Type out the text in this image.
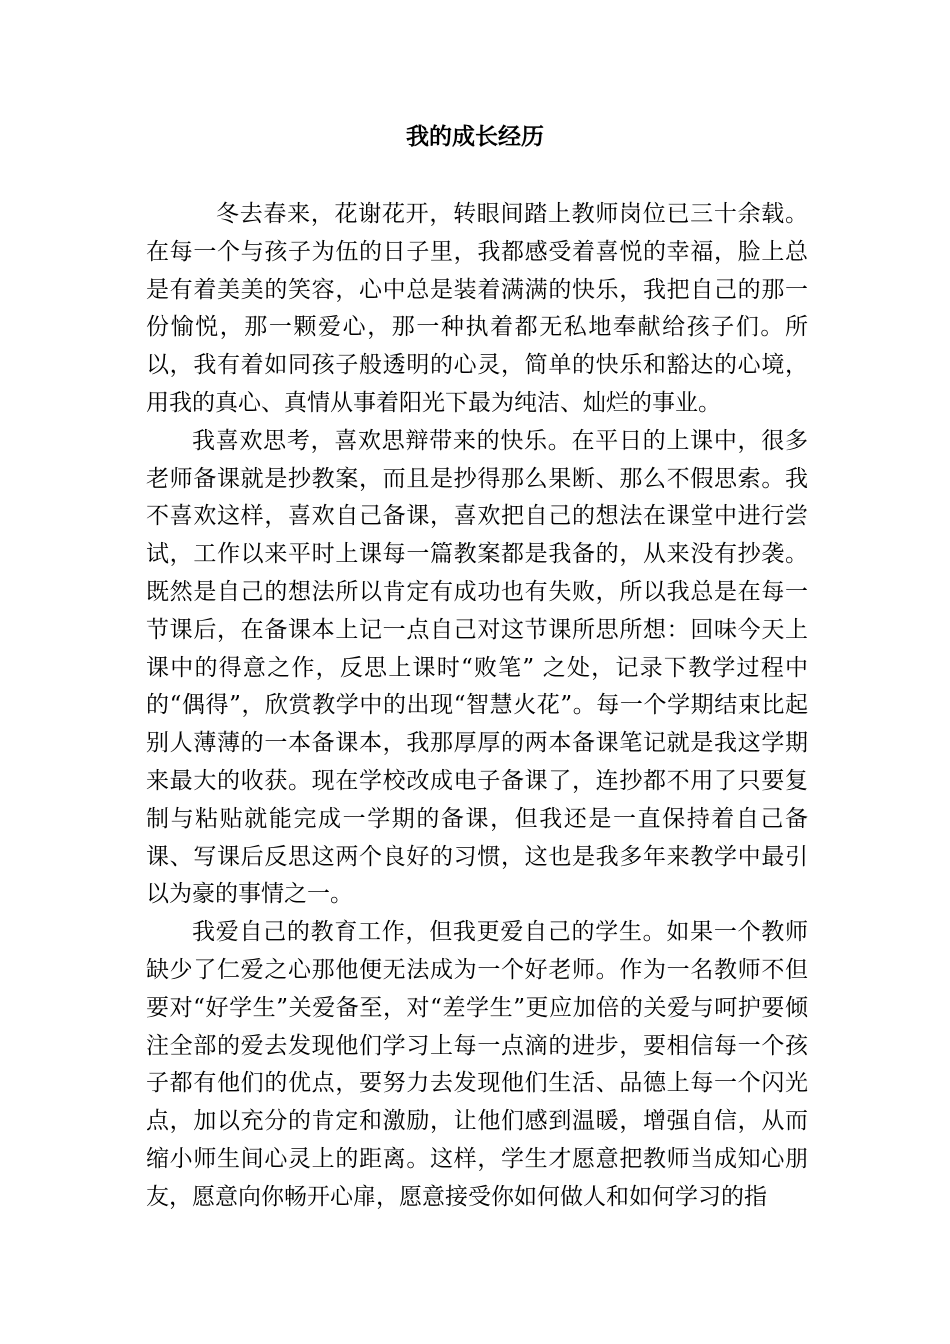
我的成长经历

冬去春来，花谢花开，转眼间踏上教师岗位已三十余载。在每一个与孩子为伍的日子里，我都感受着喜悦的幸福，脸上总是有着美美的笑容，心中总是装着满满的快乐，我把自己的那一份愉悦，那一颗爱心，那一种执着都无私地奉献给孩子们。所以，我有着如同孩子般透明的心灵，简单的快乐和豁达的心境，用我的真心、真情从事着阳光下最为纯洁、灿烂的事业。

我喜欢思考，喜欢思辩带来的快乐。在平日的上课中，很多老师备课就是抄教案，而且是抄得那么果断、那么不假思索。我不喜欢这样，喜欢自己备课，喜欢把自己的想法在课堂中进行尝试，工作以来平时上课每一篇教案都是我备的，从来没有抄袭。既然是自己的想法所以肯定有成功也有失败，所以我总是在每一节课后，在备课本上记一点自己对这节课所思所想：回味今天上课中的得意之作，反思上课时“败笔” 之处，记录下教学过程中的“偶得”，欣赏教学中的出现“智慧火花”。每一个学期结束比起别人薄薄的一本备课本，我那厚厚的两本备课笔记就是我这学期来最大的收获。现在学校改成电子备课了，连抄都不用了只要复制与粘贴就能完成一学期的备课，但我还是一直保持着自己备课、写课后反思这两个良好的习惯，这也是我多年来教学中最引以为豪的事情之一。

我爱自己的教育工作，但我更爱自己的学生。如果一个教师缺少了仁爱之心那他便无法成为一个好老师。作为一名教师不但要对“好学生”关爱备至，对“差学生”更应加倍的关爱与呵护要倾注全部的爱去发现他们学习上每一点滴的进步，要相信每一个孩子都有他们的优点，要努力去发现他们生活、品德上每一个闪光点，加以充分的肯定和激励，让他们感到温暖，增强自信，从而缩小师生间心灵上的距离。这样，学生才愿意把教师当成知心朋友，愿意向你畅开心扉，愿意接受你如何做人和如何学习的指
